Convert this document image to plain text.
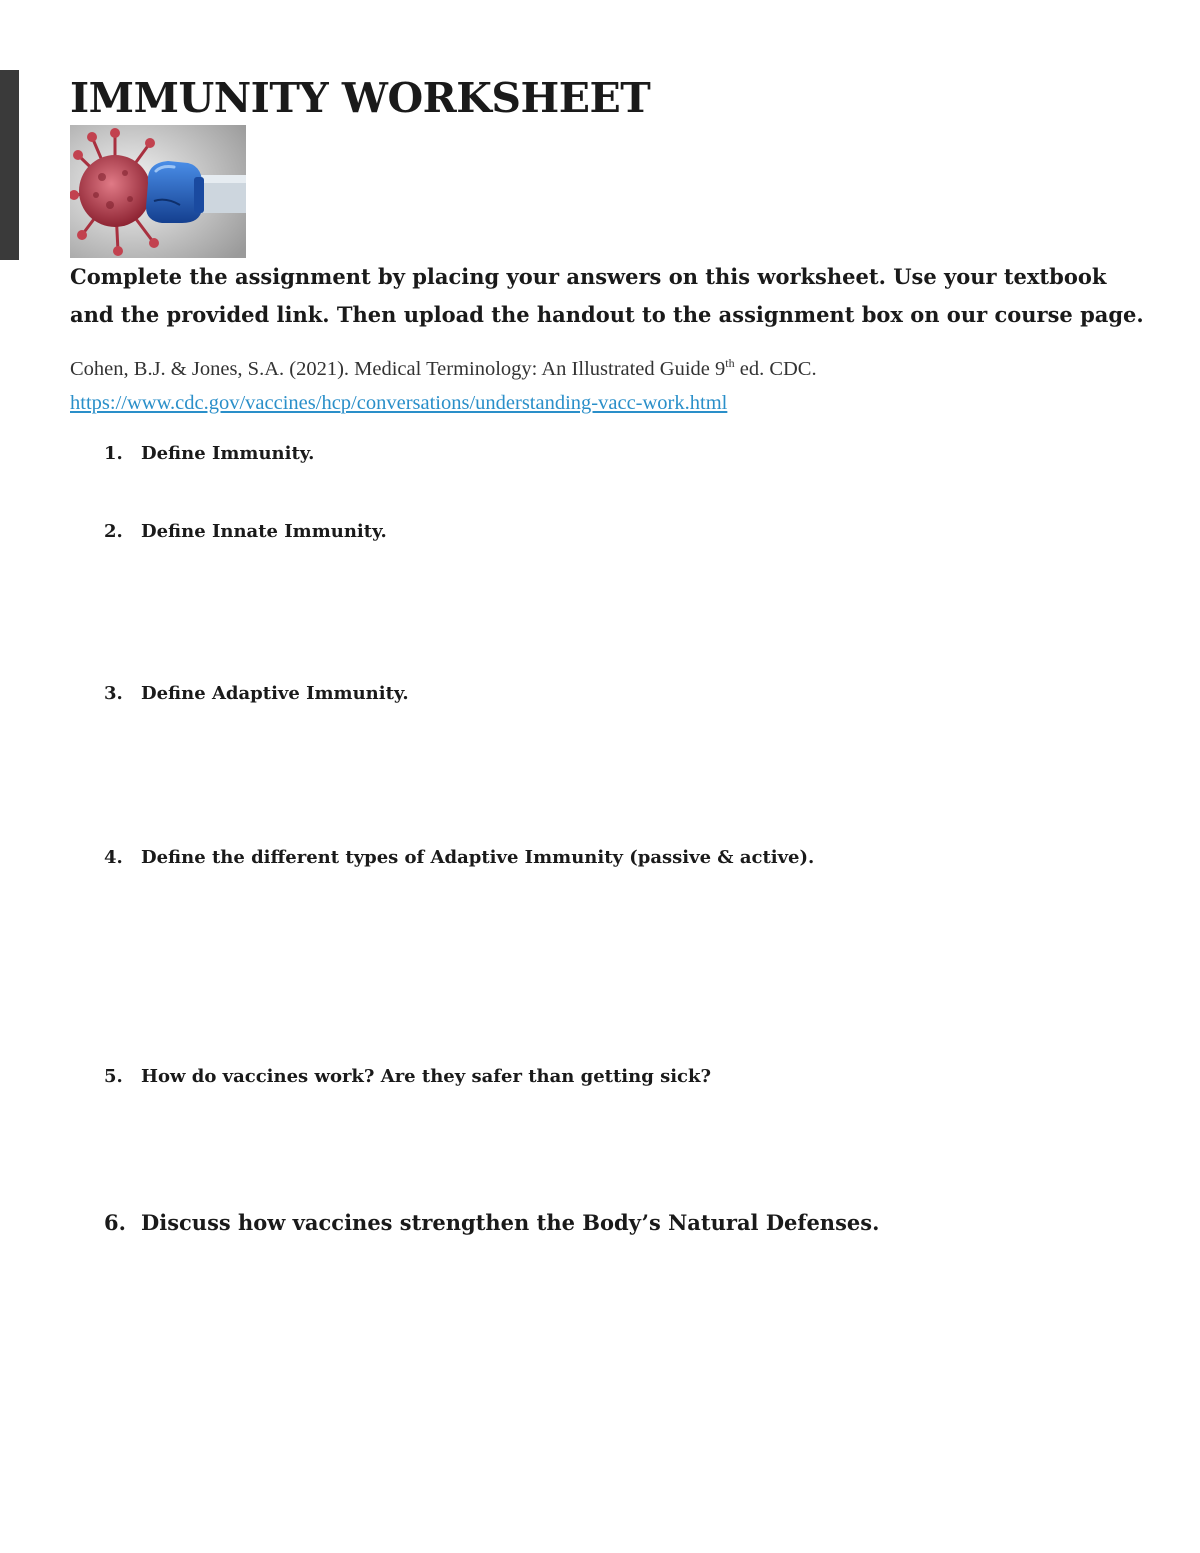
IMMUNITY WORKSHEET

Complete the assignment by placing your answers on this worksheet. Use your textbook
and the provided link. Then upload the handout to the assignment box on our course page.

Cohen, B.J. & Jones, S.A. (2021). Medical Terminology: An Illustrated Guide 9th ed. CDC.
https://www.cdc.gov/vaccines/hcp/conversations/understanding-vacc-work.html

1. Define Immunity.

2. Define Innate Immunity.

3. Define Adaptive Immunity.

4. Define the different types of Adaptive Immunity (passive & active).

5. How do vaccines work? Are they safer than getting sick?

6. Discuss how vaccines strengthen the Body’s Natural Defenses.
